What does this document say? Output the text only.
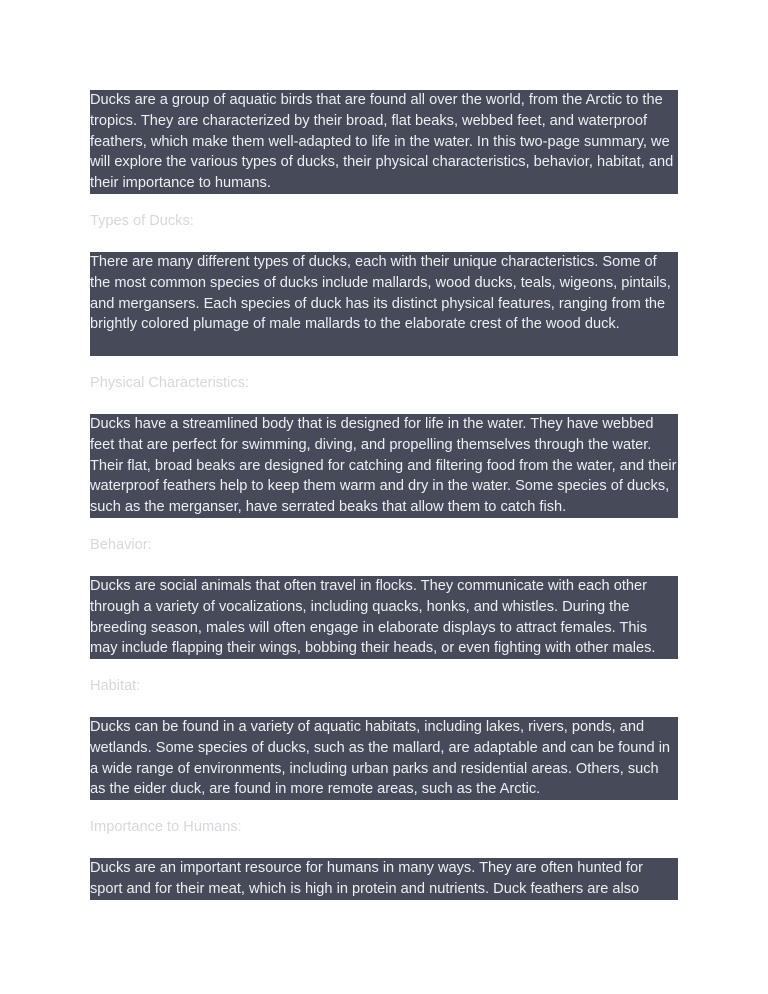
Ducks are a group of aquatic birds that are found all over the world, from the Arctic to the tropics. They are characterized by their broad, flat beaks, webbed feet, and waterproof feathers, which make them well-adapted to life in the water. In this two-page summary, we will explore the various types of ducks, their physical characteristics, behavior, habitat, and their importance to humans.

Types of Ducks:

There are many different types of ducks, each with their unique characteristics. Some of the most common species of ducks include mallards, wood ducks, teals, wigeons, pintails, and mergansers. Each species of duck has its distinct physical features, ranging from the brightly colored plumage of male mallards to the elaborate crest of the wood duck.

Physical Characteristics:

Ducks have a streamlined body that is designed for life in the water. They have webbed feet that are perfect for swimming, diving, and propelling themselves through the water. Their flat, broad beaks are designed for catching and filtering food from the water, and their waterproof feathers help to keep them warm and dry in the water. Some species of ducks, such as the merganser, have serrated beaks that allow them to catch fish.

Behavior:

Ducks are social animals that often travel in flocks. They communicate with each other through a variety of vocalizations, including quacks, honks, and whistles. During the breeding season, males will often engage in elaborate displays to attract females. This may include flapping their wings, bobbing their heads, or even fighting with other males.

Habitat:

Ducks can be found in a variety of aquatic habitats, including lakes, rivers, ponds, and wetlands. Some species of ducks, such as the mallard, are adaptable and can be found in a wide range of environments, including urban parks and residential areas. Others, such as the eider duck, are found in more remote areas, such as the Arctic.

Importance to Humans:

Ducks are an important resource for humans in many ways. They are often hunted for sport and for their meat, which is high in protein and nutrients. Duck feathers are also
